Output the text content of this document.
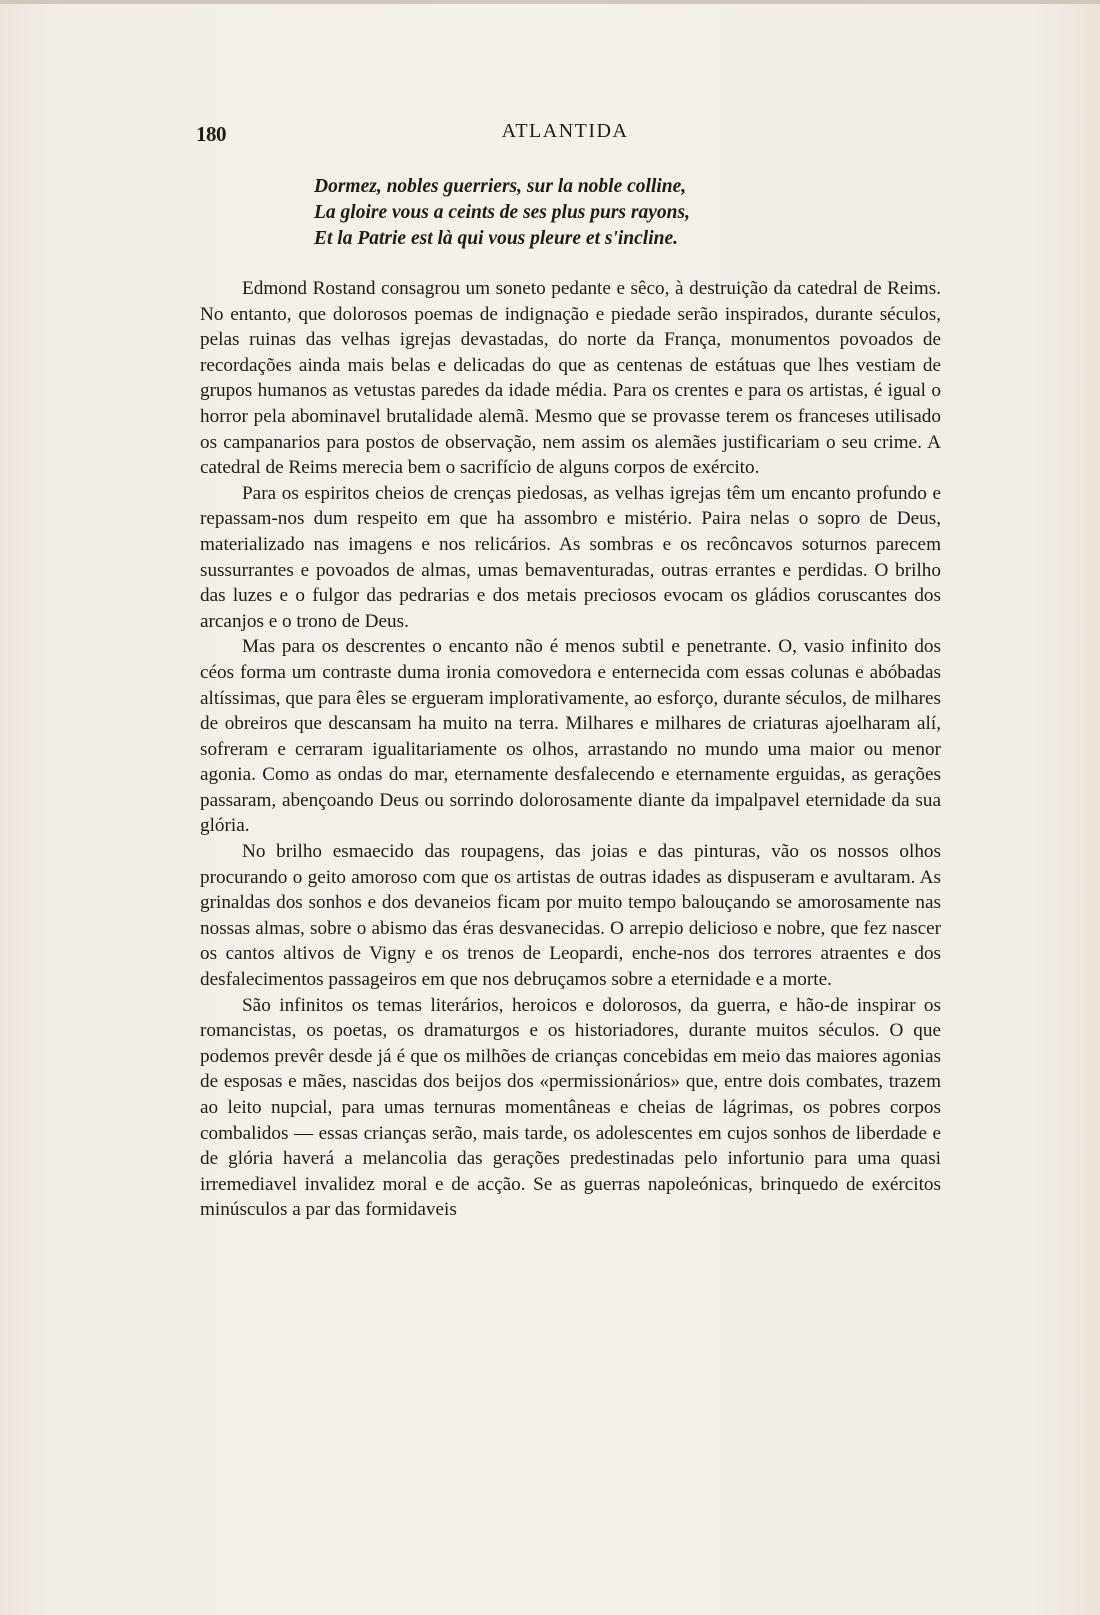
180	ATLANTIDA
Dormez, nobles guerriers, sur la noble colline,
La gloire vous a ceints de ses plus purs rayons,
Et la Patrie est là qui vous pleure et s'incline.

Edmond Rostand consagrou um soneto pedante e sêco, à destruição da catedral de Reims. No entanto, que dolorosos poemas de indignação e piedade serão inspirados, durante séculos, pelas ruinas das velhas igrejas devastadas, do norte da França, monumentos povoados de recordações ainda mais belas e delicadas do que as centenas de estátuas que lhes vestiam de grupos humanos as vetustas paredes da idade média. Para os crentes e para os artistas, é igual o horror pela abominavel brutalidade alemã. Mesmo que se provasse terem os franceses utilisado os campanarios para postos de observação, nem assim os alemães justificariam o seu crime. A catedral de Reims merecia bem o sacrifício de alguns corpos de exército.

Para os espiritos cheios de crenças piedosas, as velhas igrejas têm um encanto profundo e repassam-nos dum respeito em que ha assombro e mistério. Paira nelas o sopro de Deus, materializado nas imagens e nos relicários. As sombras e os recôncavos soturnos parecem sussurrantes e povoados de almas, umas bemaventuradas, outras errantes e perdidas. O brilho das luzes e o fulgor das pedrarias e dos metais preciosos evocam os gládios coruscantes dos arcanjos e o trono de Deus.

Mas para os descrentes o encanto não é menos subtil e penetrante. O, vasio infinito dos céos forma um contraste duma ironia comovedora e enternecida com essas colunas e abóbadas altíssimas, que para êles se ergueram implorativamente, ao esforço, durante séculos, de milhares de obreiros que descansam ha muito na terra. Milhares e milhares de criaturas ajoelharam alí, sofreram e cerraram igualitariamente os olhos, arrastando no mundo uma maior ou menor agonia. Como as ondas do mar, eternamente desfalecendo e eternamente erguidas, as gerações passaram, abençoando Deus ou sorrindo dolorosamente diante da impalpavel eternidade da sua glória.

No brilho esmaecido das roupagens, das joias e das pinturas, vão os nossos olhos procurando o geito amoroso com que os artistas de outras idades as dispuseram e avultaram. As grinaldas dos sonhos e dos devaneios ficam por muito tempo balouçando se amorosamente nas nossas almas, sobre o abismo das éras desvanecidas. O arrepio delicioso e nobre, que fez nascer os cantos altivos de Vigny e os trenos de Leopardi, enche-nos dos terrores atraentes e dos desfalecimentos passageiros em que nos debruçamos sobre a eternidade e a morte.

São infinitos os temas literários, heroicos e dolorosos, da guerra, e hão-de inspirar os romancistas, os poetas, os dramaturgos e os historiadores, durante muitos séculos. O que podemos prevêr desde já é que os milhões de crianças concebidas em meio das maiores agonias de esposas e mães, nascidas dos beijos dos «permissionários» que, entre dois combates, trazem ao leito nupcial, para umas ternuras momentâneas e cheias de lágrimas, os pobres corpos combalidos — essas crianças serão, mais tarde, os adolescentes em cujos sonhos de liberdade e de glória haverá a melancolia das gerações predestinadas pelo infortunio para uma quasi irremediavel invalidez moral e de acção. Se as guerras napoleónicas, brinquedo de exércitos minúsculos a par das formidaveis
